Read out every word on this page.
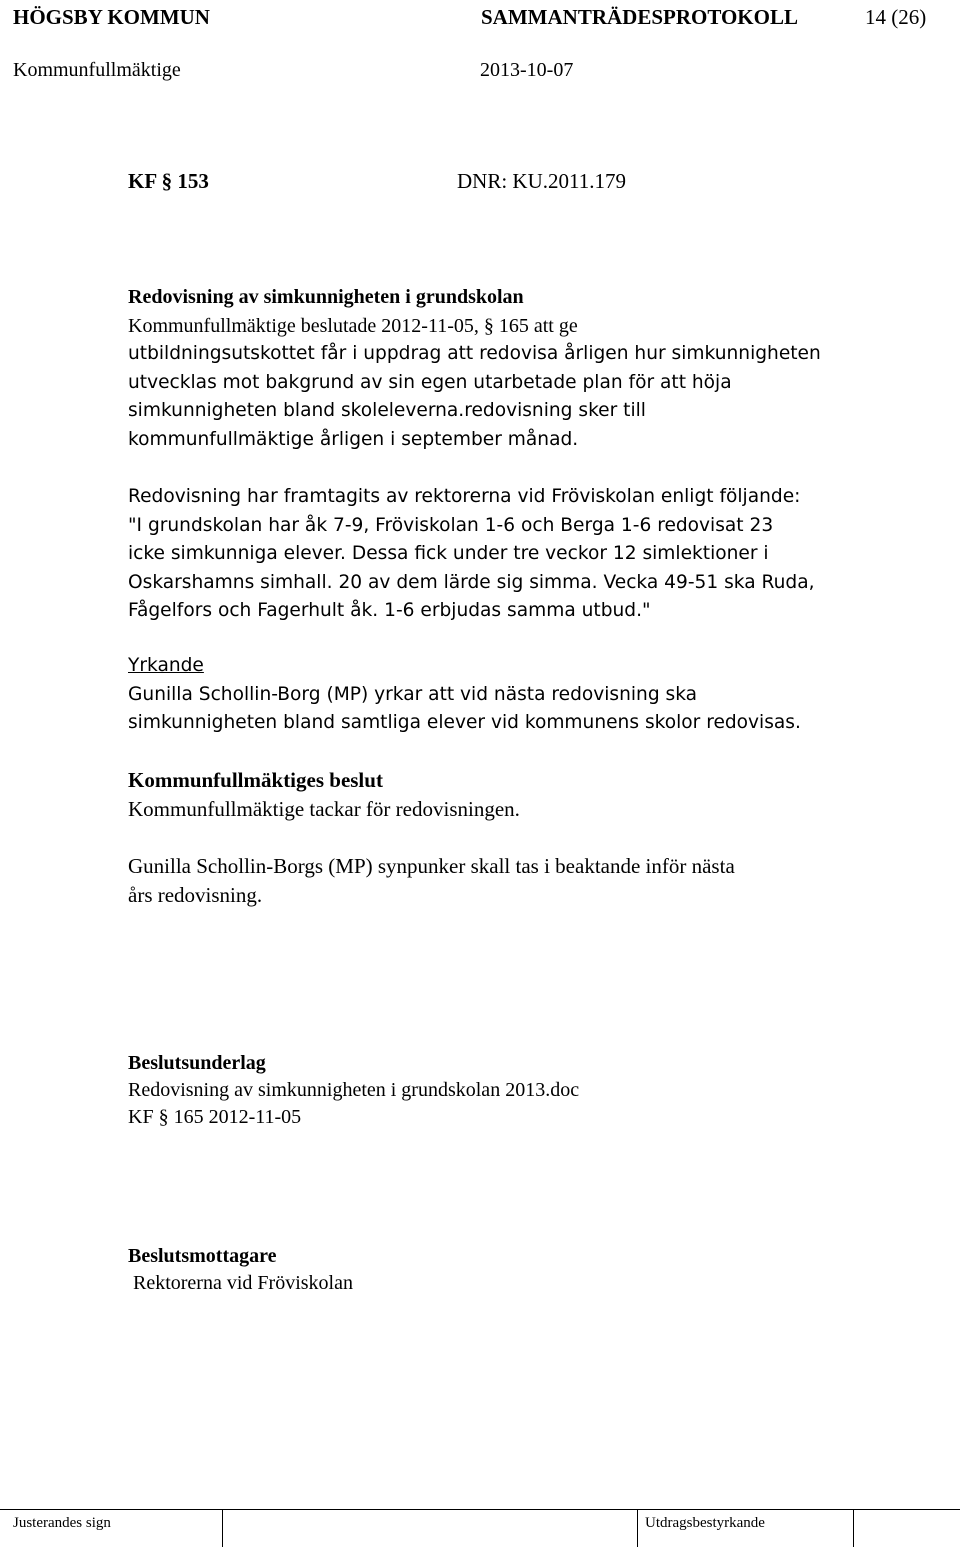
HÖGSBY KOMMUN	SAMMANTRÄDESPROTOKOLL	14 (26)
Kommunfullmäktige	2013-10-07
KF § 153	DNR: KU.2011.179
Redovisning av simkunnigheten i grundskolan
Kommunfullmäktige beslutade 2012-11-05, § 165 att ge
utbildningsutskottet får i uppdrag att redovisa årligen hur simkunnigheten
utvecklas mot bakgrund av sin egen utarbetade plan för att höja
simkunnigheten bland skoleleverna.redovisning sker till
kommunfullmäktige årligen i september månad.
Redovisning har framtagits av rektorerna vid Fröviskolan enligt följande:
"I grundskolan har åk 7-9, Fröviskolan 1-6 och Berga 1-6 redovisat 23
icke simkunniga elever. Dessa fick under tre veckor 12 simlektioner i
Oskarshamns simhall. 20 av dem lärde sig simma. Vecka 49-51 ska Ruda,
Fågelfors och Fagerhult åk. 1-6 erbjudas samma utbud."
Yrkande
Gunilla Schollin-Borg (MP) yrkar att vid nästa redovisning ska
simkunnigheten bland samtliga elever vid kommunens skolor redovisas.
Kommunfullmäktiges beslut
Kommunfullmäktige tackar för redovisningen.
Gunilla Schollin-Borgs (MP) synpunker skall tas i beaktande inför nästa
års redovisning.
Beslutsunderlag
Redovisning av simkunnigheten i grundskolan 2013.doc
KF § 165 2012-11-05
Beslutsmottagare
Rektorerna vid Fröviskolan
Justerandes sign	Utdragsbestyrkande
